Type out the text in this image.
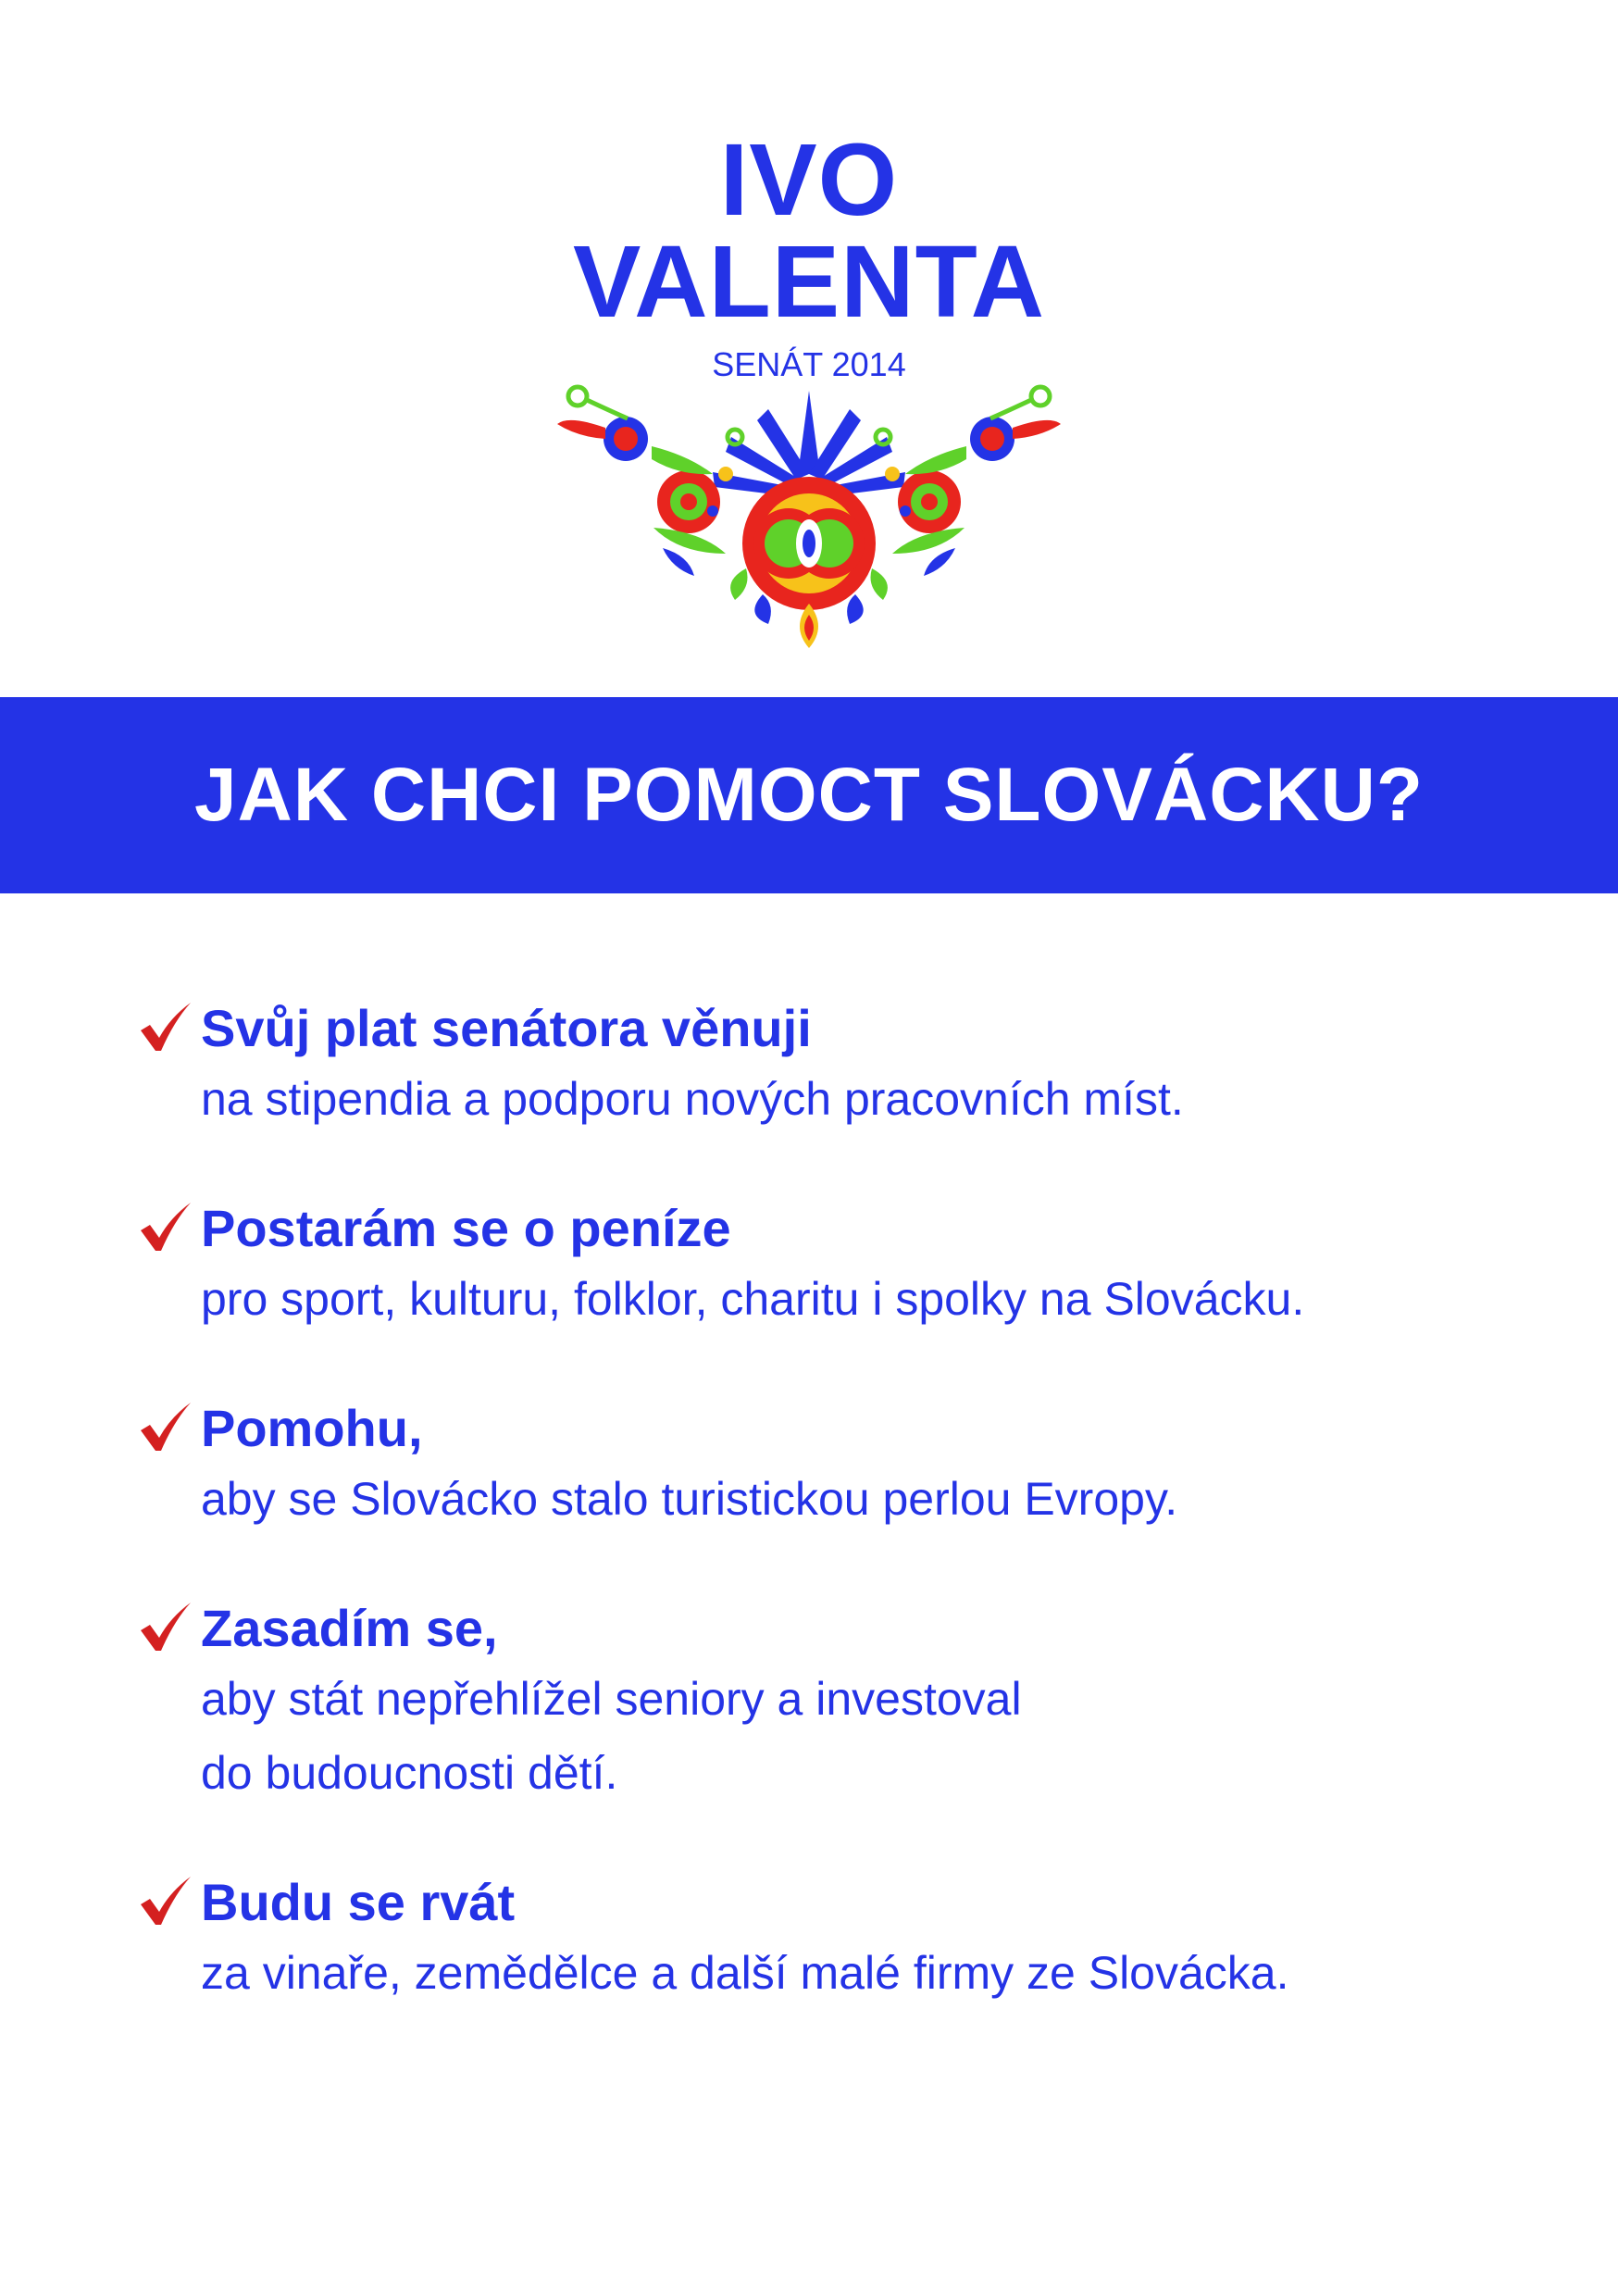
IVO
VALENTA
SENÁT 2014
JAK CHCI POMOCT SLOVÁCKU?
Svůj plat senátora věnuji
na stipendia a podporu nových pracovních míst.
Postarám se o peníze
pro sport, kulturu, folklor, charitu i spolky na Slovácku.
Pomohu,
aby se Slovácko stalo turistickou perlou Evropy.
Zasadím se,
aby stát nepřehlížel seniory a investoval
do budoucnosti dětí.
Budu se rvát
za vinaře, zemědělce a další malé firmy ze Slovácka.
